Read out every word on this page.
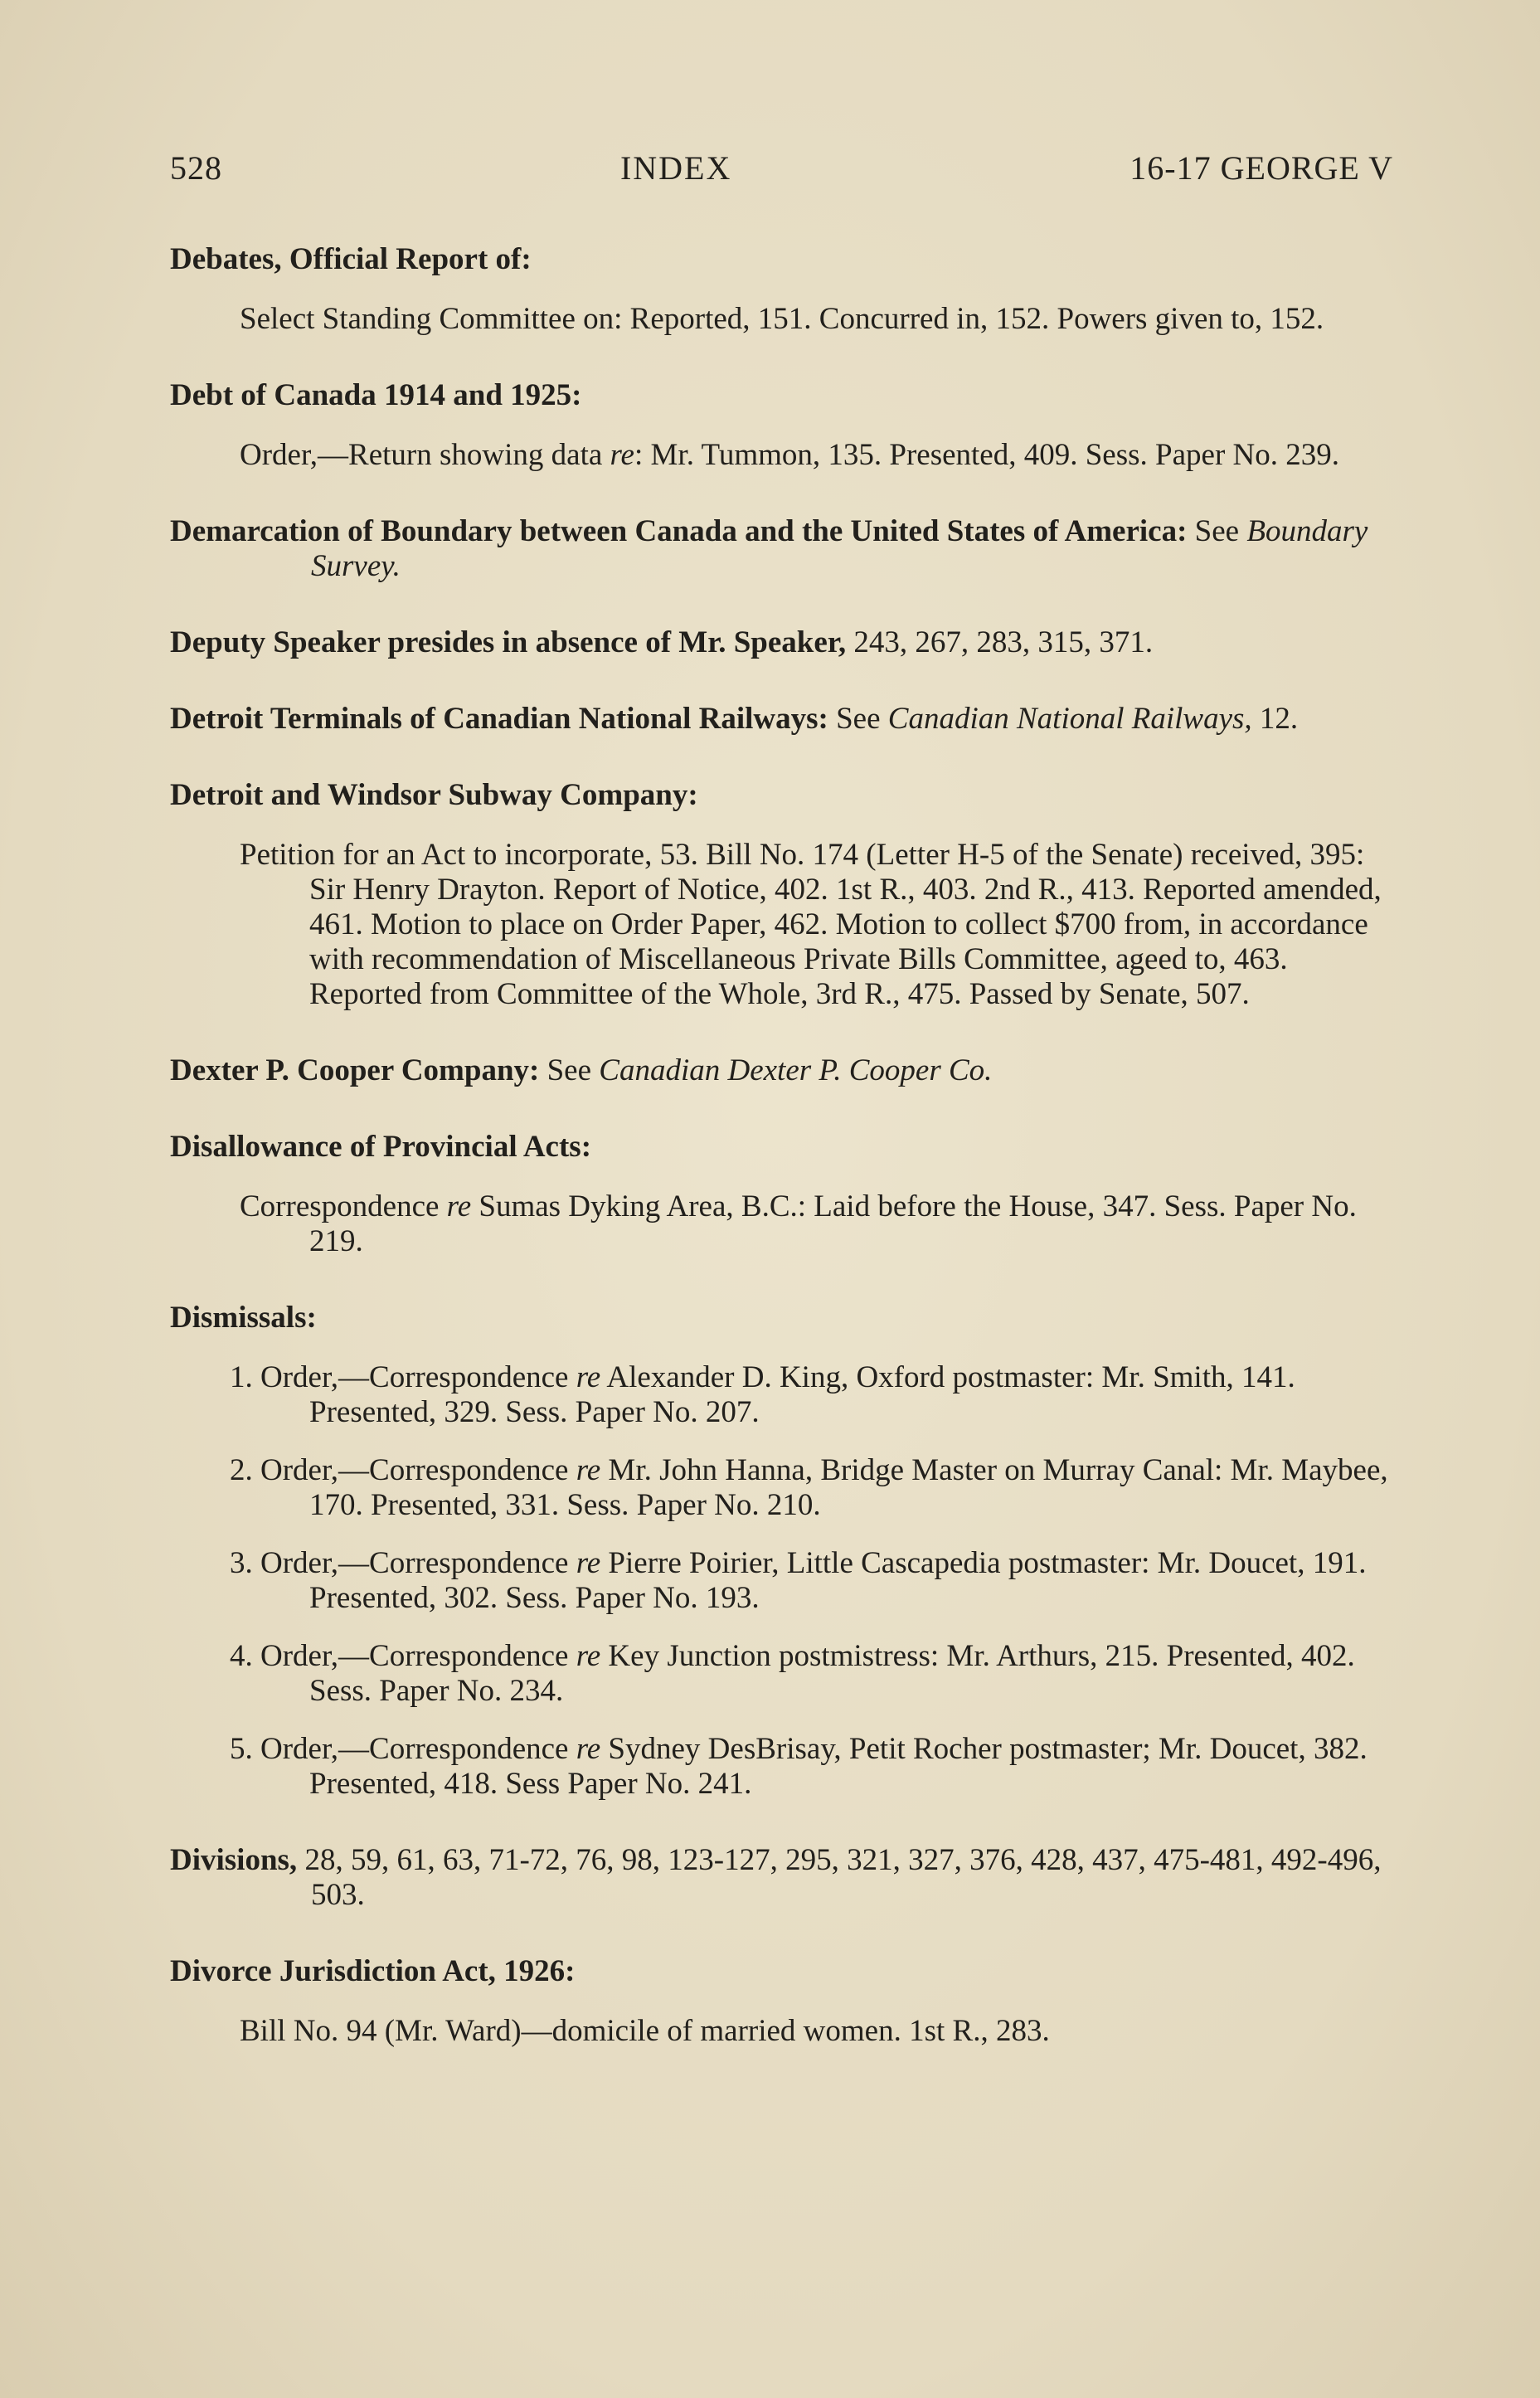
528	INDEX	16-17 GEORGE V
Debates, Official Report of:
Select Standing Committee on: Reported, 151. Concurred in, 152. Powers given to, 152.
Debt of Canada 1914 and 1925:
Order,—Return showing data re: Mr. Tummon, 135. Presented, 409. Sess. Paper No. 239.
Demarcation of Boundary between Canada and the United States of America: See Boundary Survey.
Deputy Speaker presides in absence of Mr. Speaker, 243, 267, 283, 315, 371.
Detroit Terminals of Canadian National Railways: See Canadian National Railways, 12.
Detroit and Windsor Subway Company:
Petition for an Act to incorporate, 53. Bill No. 174 (Letter H-5 of the Senate) received, 395: Sir Henry Drayton. Report of Notice, 402. 1st R., 403. 2nd R., 413. Reported amended, 461. Motion to place on Order Paper, 462. Motion to collect $700 from, in accordance with recommendation of Miscellaneous Private Bills Committee, ageed to, 463. Reported from Committee of the Whole, 3rd R., 475. Passed by Senate, 507.
Dexter P. Cooper Company: See Canadian Dexter P. Cooper Co.
Disallowance of Provincial Acts:
Correspondence re Sumas Dyking Area, B.C.: Laid before the House, 347. Sess. Paper No. 219.
Dismissals:
1. Order,—Correspondence re Alexander D. King, Oxford postmaster: Mr. Smith, 141. Presented, 329. Sess. Paper No. 207.
2. Order,—Correspondence re Mr. John Hanna, Bridge Master on Murray Canal: Mr. Maybee, 170. Presented, 331. Sess. Paper No. 210.
3. Order,—Correspondence re Pierre Poirier, Little Cascapedia postmaster: Mr. Doucet, 191. Presented, 302. Sess. Paper No. 193.
4. Order,—Correspondence re Key Junction postmistress: Mr. Arthurs, 215. Presented, 402. Sess. Paper No. 234.
5. Order,—Correspondence re Sydney DesBrisay, Petit Rocher postmaster; Mr. Doucet, 382. Presented, 418. Sess Paper No. 241.
Divisions, 28, 59, 61, 63, 71-72, 76, 98, 123-127, 295, 321, 327, 376, 428, 437, 475-481, 492-496, 503.
Divorce Jurisdiction Act, 1926:
Bill No. 94 (Mr. Ward)—domicile of married women. 1st R., 283.
